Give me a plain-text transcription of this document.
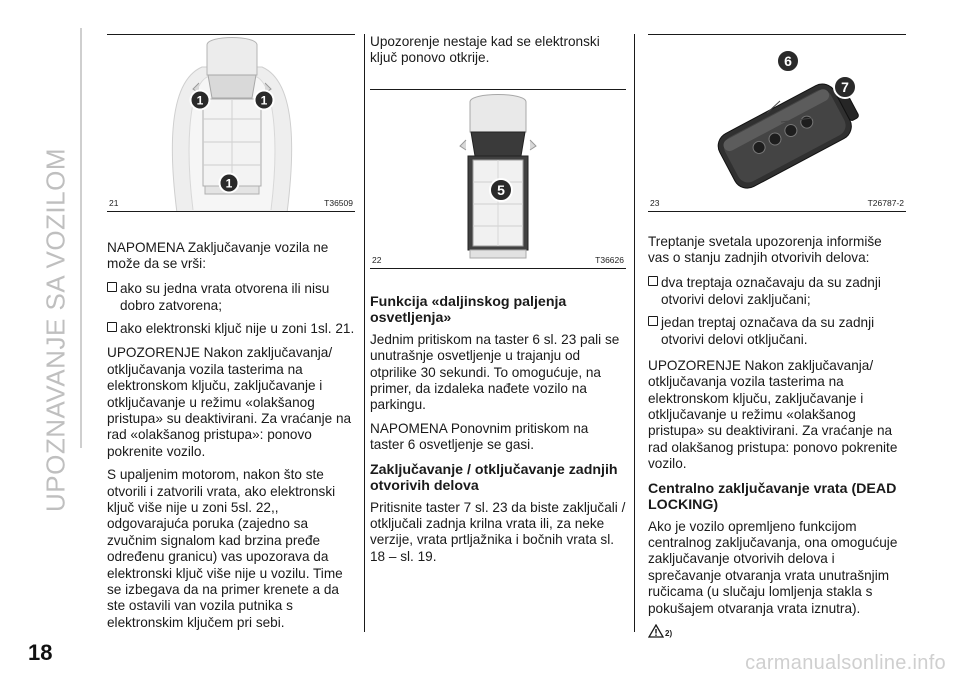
UPOZNAVANJE SA VOZILOM
18	carmanualsonline.info
1	1
1
21	T36509

NAPOMENA Zaključavanje vozila ne može da se vrši:

ako su jedna vrata otvorena ili nisu dobro zatvorena;
ako elektronski ključ nije u zoni 1sl. 21.

UPOZORENJE Nakon zaključavanja/ otključavanja vozila tasterima na elektronskom ključu, zaključavanje i otključavanje u režimu «olakšanog pristupa» su deaktivirani. Za vraćanje na rad «olakšanog pristupa»: ponovo pokrenite vozilo.

S upaljenim motorom, nakon što ste otvorili i zatvorili vrata, ako elektronski ključ više nije u zoni 5sl. 22,, odgovarajuća poruka (zajedno sa zvučnim signalom kad brzina pređe određenu granicu) vas upozorava da elektronski ključ više nije u vozilu. Time se izbegava da na primer krenete a da ste ostavili van vozila putnika s elektronskim ključem pri sebi.

Upozorenje nestaje kad se elektronski ključ ponovo otkrije.

5
22	T36626
Funkcija «daljinskog paljenja osvetljenja»

Jednim pritiskom na taster 6 sl. 23 pali se unutrašnje osvetljenje u trajanju od otprilike 30 sekundi. To omogućuje, na primer, da izdaleka nađete vozilo na parkingu.

NAPOMENA Ponovnim pritiskom na taster 6 osvetljenje se gasi.

Zaključavanje / otključavanje zadnjih otvorivih delova

Pritisnite taster 7 sl. 23 da biste zaključali / otključali zadnja krilna vrata ili, za neke verzije, vrata prtljažnika i bočnih vrata sl. 18 – sl. 19.

6
7
23	T26787-2

Treptanje svetala upozorenja informiše vas o stanju zadnjih otvorivih delova:

dva treptaja označavaju da su zadnji otvorivi delovi zaključani;
jedan treptaj označava da su zadnji otvorivi delovi otključani.

UPOZORENJE Nakon zaključavanja/ otključavanja vozila tasterima na elektronskom ključu, zaključavanje i otključavanje u režimu «olakšanog pristupa» su deaktivirani. Za vraćanje na rad olakšanog pristupa: ponovo pokrenite vozilo.

Centralno zaključavanje vrata (DEAD LOCKING)

Ako je vozilo opremljeno funkcijom centralnog zaključavanja, ona omogućuje zaključavanje otvorivih delova i sprečavanje otvaranja vrata unutrašnjim ručicama (u slučaju lomljenja stakla s pokušajem otvaranja vrata iznutra).

2)
